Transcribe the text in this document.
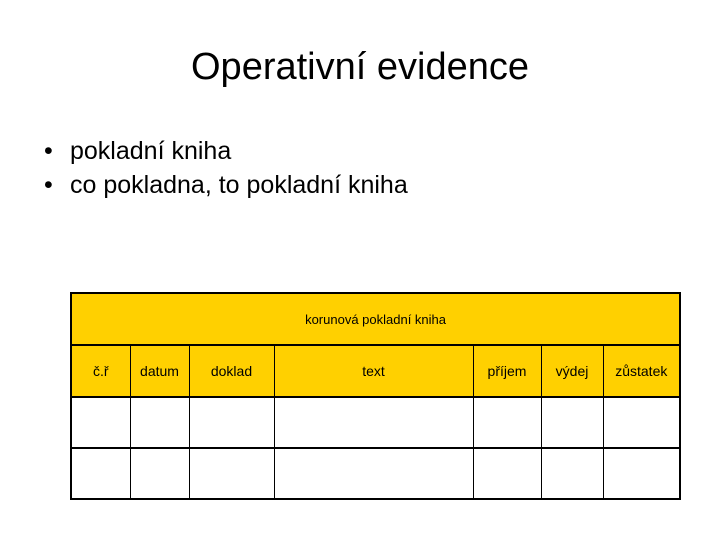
Operativní evidence
• pokladní kniha
• co pokladna, to pokladní kniha
korunová pokladní kniha						
č.ř	datum	doklad	text	příjem	výdej	zůstatek
